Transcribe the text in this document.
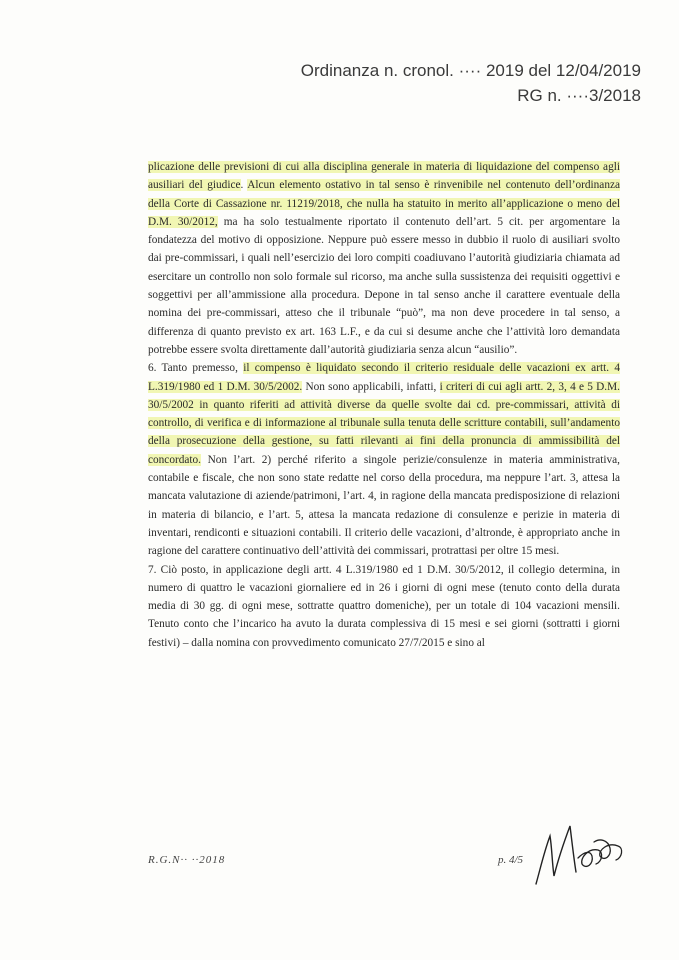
Ordinanza n. cronol. ···· 2019 del 12/04/2019
RG n. ····3/2018

plicazione delle previsioni di cui alla disciplina generale in materia di liquidazione del compenso agli ausiliari del giudice. Alcun elemento ostativo in tal senso è rinvenibile nel contenuto dell’ordinanza della Corte di Cassazione nr. 11219/2018, che nulla ha statuito in merito all’applicazione o meno del D.M. 30/2012, ma ha solo testualmente riportato il contenuto dell’art. 5 cit. per argomentare la fondatezza del motivo di opposizione. Neppure può essere messo in dubbio il ruolo di ausiliari svolto dai pre-commissari, i quali nell’esercizio dei loro compiti coadiuvano l’autorità giudiziaria chiamata ad esercitare un controllo non solo formale sul ricorso, ma anche sulla sussistenza dei requisiti oggettivi e soggettivi per all’ammissione alla procedura. Depone in tal senso anche il carattere eventuale della nomina dei pre-commissari, atteso che il tribunale “può”, ma non deve procedere in tal senso, a differenza di quanto previsto ex art. 163 L.F., e da cui si desume anche che l’attività loro demandata potrebbe essere svolta direttamente dall’autorità giudiziaria senza alcun “ausilio”.

6. Tanto premesso, il compenso è liquidato secondo il criterio residuale delle vacazioni ex artt. 4 L.319/1980 ed 1 D.M. 30/5/2002. Non sono applicabili, infatti, i criteri di cui agli artt. 2, 3, 4 e 5 D.M. 30/5/2002 in quanto riferiti ad attività diverse da quelle svolte dai cd. pre-commissari, attività di controllo, di verifica e di informazione al tribunale sulla tenuta delle scritture contabili, sull’andamento della prosecuzione della gestione, su fatti rilevanti ai fini della pronuncia di ammissibilità del concordato. Non l’art. 2) perché riferito a singole perizie/consulenze in materia amministrativa, contabile e fiscale, che non sono state redatte nel corso della procedura, ma neppure l’art. 3, attesa la mancata valutazione di aziende/patrimoni, l’art. 4, in ragione della mancata predisposizione di relazioni in materia di bilancio, e l’art. 5, attesa la mancata redazione di consulenze e perizie in materia di inventari, rendiconti e situazioni contabili. Il criterio delle vacazioni, d’altronde, è appropriato anche in ragione del carattere continuativo dell’attività dei commissari, protrattasi per oltre 15 mesi.

7. Ciò posto, in applicazione degli artt. 4 L.319/1980 ed 1 D.M. 30/5/2012, il collegio determina, in numero di quattro le vacazioni giornaliere ed in 26 i giorni di ogni mese (tenuto conto della durata media di 30 gg. di ogni mese, sottratte quattro domeniche), per un totale di 104 vacazioni mensili. Tenuto conto che l’incarico ha avuto la durata complessiva di 15 mesi e sei giorni (sottratti i giorni festivi) – dalla nomina con provvedimento comunicato 27/7/2015 e sino al

R.G.N·· ··2018	p. 4/5
